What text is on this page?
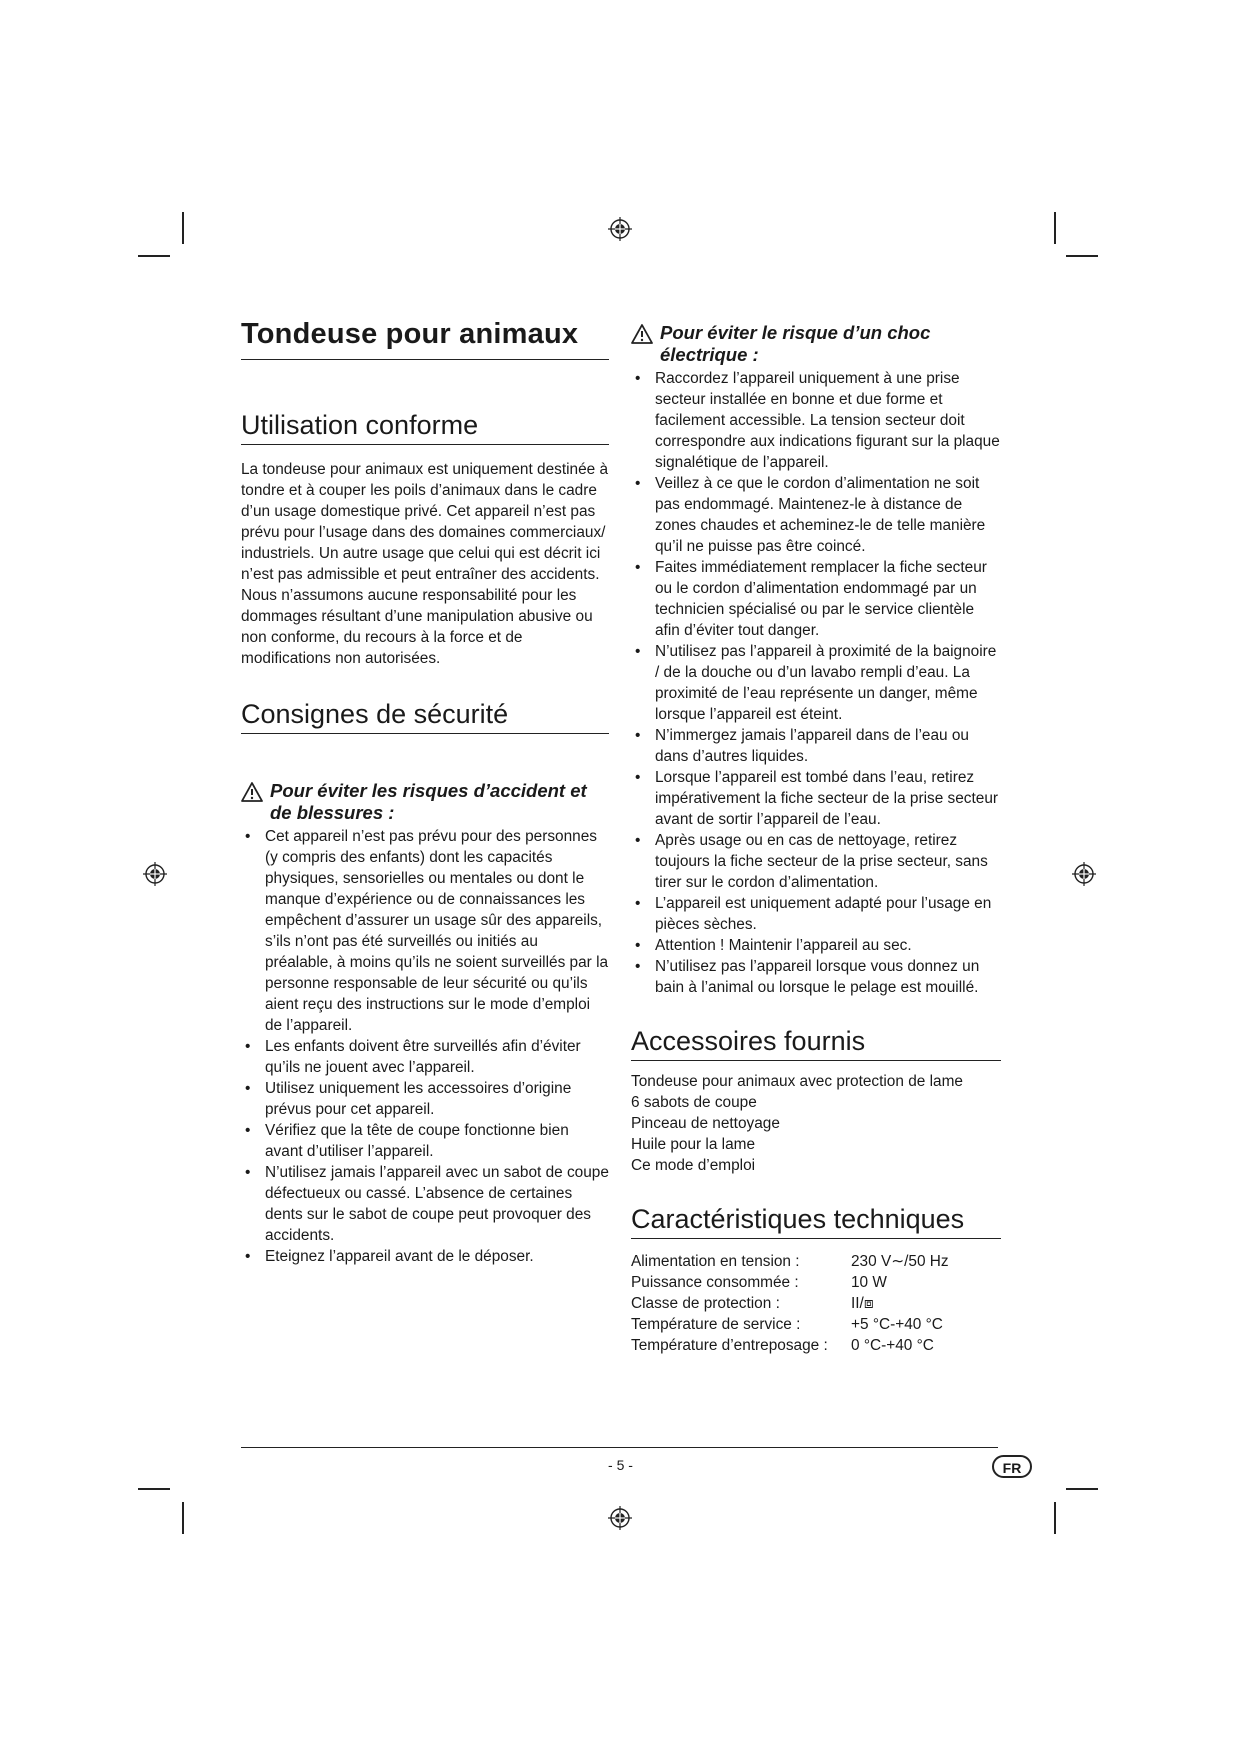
Tondeuse pour animaux
Utilisation conforme

La tondeuse pour animaux est uniquement destinée à tondre et à couper les poils d’animaux dans le cadre d’un usage domestique privé. Cet appareil n’est pas prévu pour l’usage dans des domaines commerciaux/ industriels. Un autre usage que celui qui est décrit ici n’est pas admissible et peut entraîner des accidents. Nous n’assumons aucune responsabilité pour les dommages résultant d’une manipulation abusive ou non conforme, du recours à la force et de modifications non autorisées.

Consignes de sécurité

Pour éviter les risques d’accident et de blessures :

• Cet appareil n’est pas prévu pour des personnes (y compris des enfants) dont les capacités physiques, sensorielles ou mentales ou dont le manque d’expérience ou de connaissances les empêchent d’assurer un usage sûr des appareils, s’ils n’ont pas été surveillés ou initiés au préalable, à moins qu’ils ne soient surveillés par la personne responsable de leur sécurité ou qu’ils aient reçu des instructions sur le mode d’emploi de l’appareil.
• Les enfants doivent être surveillés afin d’éviter qu’ils ne jouent avec l’appareil.
• Utilisez uniquement les accessoires d’origine prévus pour cet appareil.
• Vérifiez que la tête de coupe fonctionne bien avant d’utiliser l’appareil.
• N’utilisez jamais l’appareil avec un sabot de coupe défectueux ou cassé. L’absence de certaines dents sur le sabot de coupe peut provoquer des accidents.
• Eteignez l’appareil avant de le déposer.

Pour éviter le risque d’un choc électrique :

• Raccordez l’appareil uniquement à une prise secteur installée en bonne et due forme et facilement accessible. La tension secteur doit correspondre aux indications figurant sur la plaque signalétique de l’appareil.
• Veillez à ce que le cordon d’alimentation ne soit pas endommagé. Maintenez-le à distance de zones chaudes et acheminez-le de telle manière qu’il ne puisse pas être coincé.
• Faites immédiatement remplacer la fiche secteur ou le cordon d’alimentation endommagé par un technicien spécialisé ou par le service clientèle afin d’éviter tout danger.
• N’utilisez pas l’appareil à proximité de la baignoire / de la douche ou d’un lavabo rempli d’eau. La proximité de l’eau représente un danger, même lorsque l’appareil est éteint.
• N’immergez jamais l’appareil dans de l’eau ou dans d’autres liquides.
• Lorsque l’appareil est tombé dans l’eau, retirez impérativement la fiche secteur de la prise secteur avant de sortir l’appareil de l’eau.
• Après usage ou en cas de nettoyage, retirez toujours la fiche secteur de la prise secteur, sans tirer sur le cordon d’alimentation.
• L’appareil est uniquement adapté pour l’usage en pièces sèches.
• Attention ! Maintenir l’appareil au sec.
• N’utilisez pas l’appareil lorsque vous donnez un bain à l’animal ou lorsque le pelage est mouillé.
Accessoires fournis
Tondeuse pour animaux avec protection de lame
6 sabots de coupe
Pinceau de nettoyage
Huile pour la lame
Ce mode d’emploi
Caractéristiques techniques
Alimentation en tension :	230 V∼/50 Hz
Puissance consommée :	10 W
Classe de protection :	II/⧈
Température de service :	+5 °C-+40 °C
Température d’entreposage :	0 °C-+40 °C
- 5 -	FR
